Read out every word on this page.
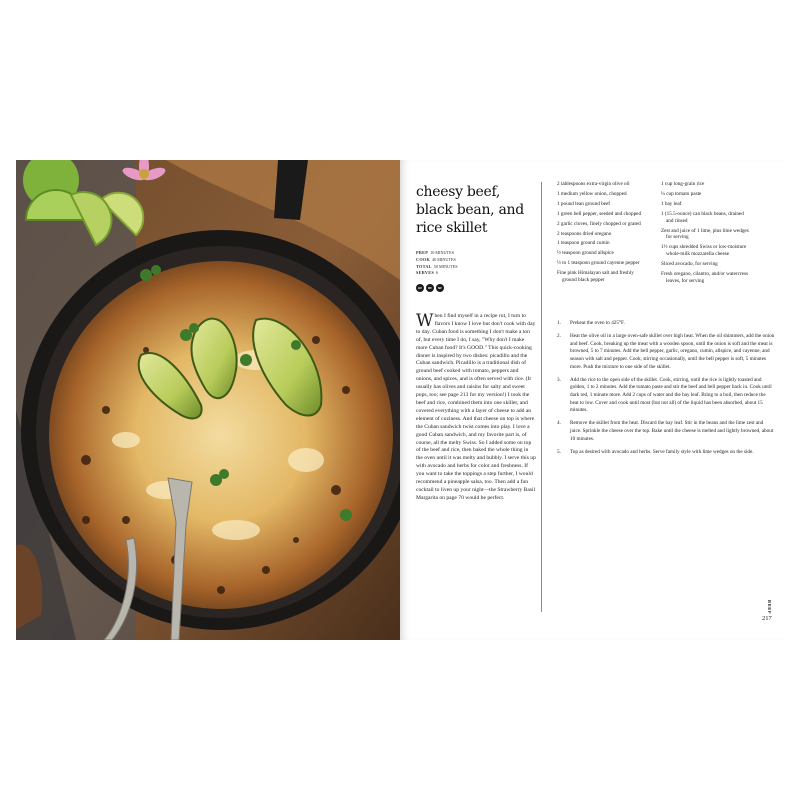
cheesy beef, black bean, and rice skillet
PREP 10 MINUTES
COOK 40 MINUTES
TOTAL 50 MINUTES
SERVES 6
GF	DF	NF
When I find myself in a recipe rut, I turn to flavors I know I love but don't cook with day to day. Cuban food is something I don't make a ton of, but every time I do, I say, "Why don't I make more Cuban food? It's GOOD." This quick-cooking dinner is inspired by two dishes: picadillo and the Cuban sandwich. Picadillo is a traditional dish of ground beef cooked with tomato, peppers and onions, and spices, and is often served with rice. (It usually has olives and raisins for salty and sweet pops, too; see page 213 for my version!) I took the beef and rice, combined them into one skillet, and covered everything with a layer of cheese to add an element of coziness. And that cheese on top is where the Cuban sandwich twist comes into play. I love a good Cuban sandwich, and my favorite part is, of course, all the melty Swiss. So I added some on top of the beef and rice, then baked the whole thing in the oven until it was melty and bubbly. I serve this up with avocado and herbs for color and freshness. If you want to take the toppings a step further, I would recommend a pineapple salsa, too. Then add a fun cocktail to liven up your night—the Strawberry Basil Margarita on page 70 would be perfect.
2 tablespoons extra-virgin olive oil
1 medium yellow onion, chopped
1 pound lean ground beef
1 green bell pepper, seeded and chopped
2 garlic cloves, finely chopped or grated
2 teaspoons dried oregano
1 teaspoon ground cumin
½ teaspoon ground allspice
½ to 1 teaspoon ground cayenne pepper
Fine pink Himalayan salt and freshly ground black pepper
1 cup long-grain rice
¼ cup tomato paste
1 bay leaf
1 (15.5-ounce) can black beans, drained and rinsed
Zest and juice of 1 lime, plus lime wedges for serving
1½ cups shredded Swiss or low-moisture whole-milk mozzarella cheese
Sliced avocado, for serving
Fresh oregano, cilantro, and/or watercress leaves, for serving
1.	Preheat the oven to 425°F.
2.	Heat the olive oil in a large oven-safe skillet over high heat. When the oil shimmers, add the onion and beef. Cook, breaking up the meat with a wooden spoon, until the onion is soft and the meat is browned, 5 to 7 minutes. Add the bell pepper, garlic, oregano, cumin, allspice, and cayenne, and season with salt and pepper. Cook, stirring occasionally, until the bell pepper is soft, 5 minutes more. Push the mixture to one side of the skillet.
3.	Add the rice to the open side of the skillet. Cook, stirring, until the rice is lightly toasted and golden, 1 to 2 minutes. Add the tomato paste and stir the beef and bell pepper back in. Cook until dark red, 1 minute more. Add 2 cups of water and the bay leaf. Bring to a boil, then reduce the heat to low. Cover and cook until most (but not all) of the liquid has been absorbed, about 15 minutes.
4.	Remove the skillet from the heat. Discard the bay leaf. Stir in the beans and the lime zest and juice. Sprinkle the cheese over the top. Bake until the cheese is melted and lightly browned, about 10 minutes.
5.	Top as desired with avocado and herbs. Serve family style with lime wedges on the side.
BEEF
217
